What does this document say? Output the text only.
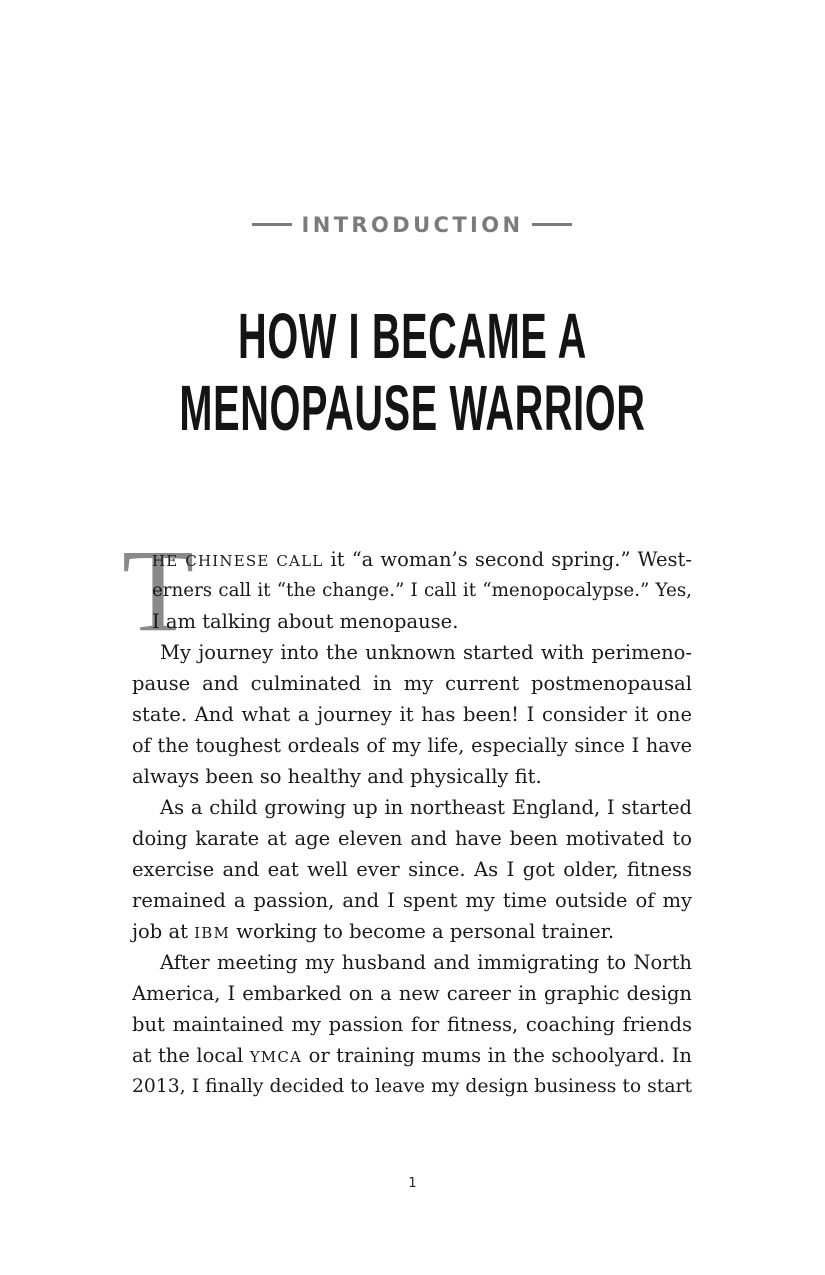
INTRODUCTION
HOW I BECAME A
MENOPAUSE WARRIOR
T
HE CHINESE CALL it “a woman’s second spring.” West-
erners call it “the change.” I call it “menopocalypse.” Yes,
I am talking about menopause.
My journey into the unknown started with perimeno-
pause and culminated in my current postmenopausal
state. And what a journey it has been! I consider it one
of the toughest ordeals of my life, especially since I have
always been so healthy and physically fit.
As a child growing up in northeast England, I started
doing karate at age eleven and have been motivated to
exercise and eat well ever since. As I got older, fitness
remained a passion, and I spent my time outside of my
job at IBM working to become a personal trainer.
After meeting my husband and immigrating to North
America, I embarked on a new career in graphic design
but maintained my passion for fitness, coaching friends
at the local YMCA or training mums in the schoolyard. In
2013, I finally decided to leave my design business to start
1
